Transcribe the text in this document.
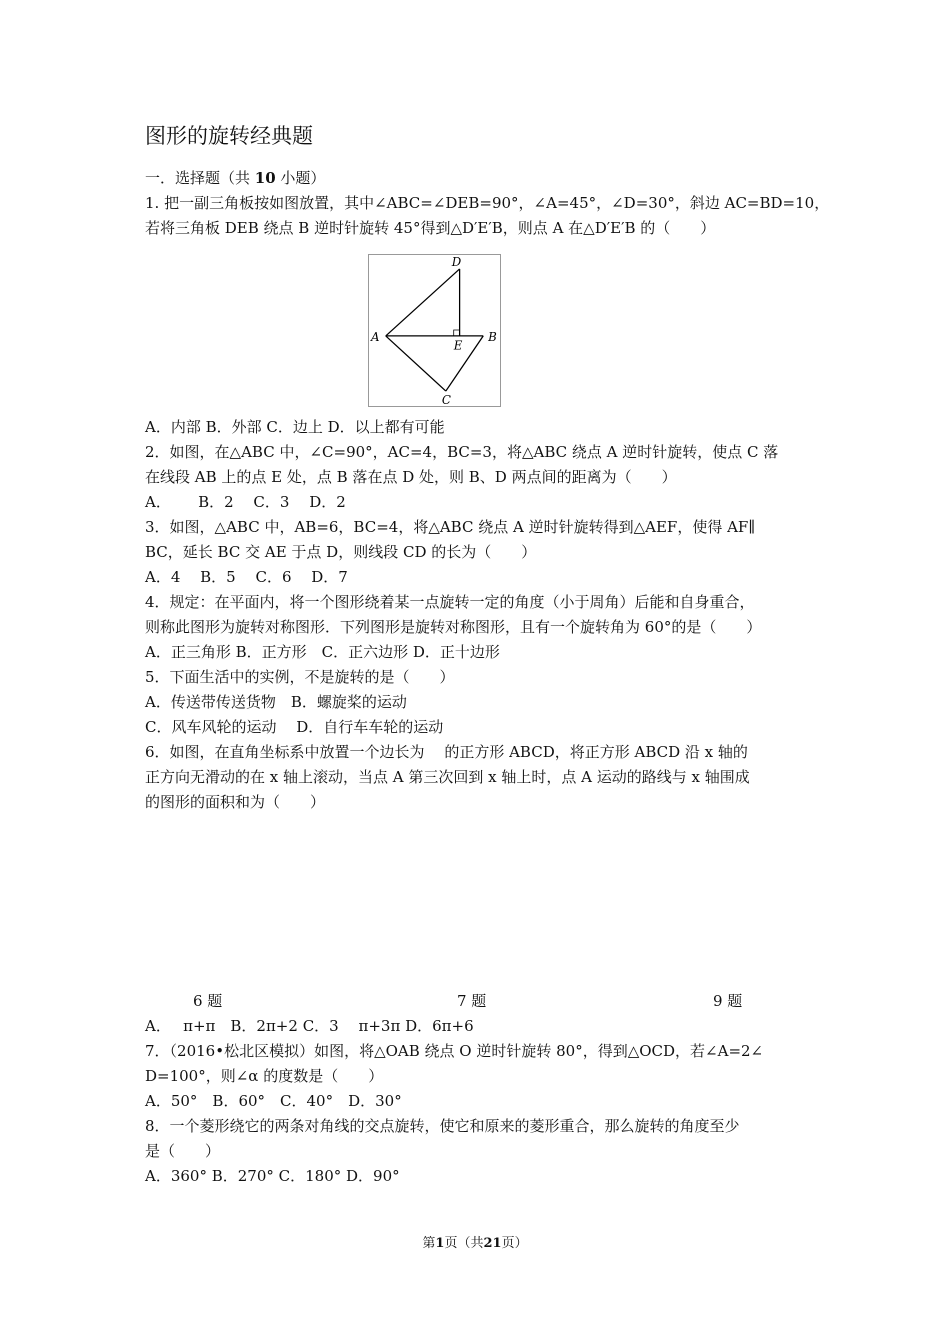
图形的旋转经典题
一．选择题（共 10 小题）
1. 把一副三角板按如图放置，其中∠ABC=∠DEB=90°，∠A=45°，∠D=30°，斜边 AC=BD=10，
若将三角板 DEB 绕点 B 逆时针旋转 45°得到△D′E′B，则点 A 在△D′E′B 的（　　）
D
A
E
B
C
A．内部 B．外部 C．边上 D．以上都有可能
2．如图，在△ABC 中，∠C=90°，AC=4，BC=3，将△ABC 绕点 A 逆时针旋转，使点 C 落
在线段 AB 上的点 E 处，点 B 落在点 D 处，则 B、D 两点间的距离为（　　）
A．　　 B．2　 C．3　 D．2
3．如图，△ABC 中，AB=6，BC=4，将△ABC 绕点 A 逆时针旋转得到△AEF，使得 AF∥
BC，延长 BC 交 AE 于点 D，则线段 CD 的长为（　　）
A．4　 B．5　 C．6　 D．7
4．规定：在平面内，将一个图形绕着某一点旋转一定的角度（小于周角）后能和自身重合，
则称此图形为旋转对称图形．下列图形是旋转对称图形，且有一个旋转角为 60°的是（　　）
A．正三角形 B．正方形　C．正六边形 D．正十边形
5．下面生活中的实例，不是旋转的是（　　）
A．传送带传送货物　B．螺旋桨的运动
C．风车风轮的运动　 D．自行车车轮的运动
6．如图，在直角坐标系中放置一个边长为　 的正方形 ABCD，将正方形 ABCD 沿 x 轴的
正方向无滑动的在 x 轴上滚动，当点 A 第三次回到 x 轴上时，点 A 运动的路线与 x 轴围成
的图形的面积和为（　　）
6 题	7 题	9 题
A．　 π+π　B．2π+2 C．3　 π+3π D．6π+6
7．（2016•松北区模拟）如图，将△OAB 绕点 O 逆时针旋转 80°，得到△OCD，若∠A=2∠
D=100°，则∠α 的度数是（　　）
A．50°　B．60°　C．40°　D．30°
8．一个菱形绕它的两条对角线的交点旋转，使它和原来的菱形重合，那么旋转的角度至少
是（　　）
A．360° B．270° C．180° D．90°
第1页（共21页）
